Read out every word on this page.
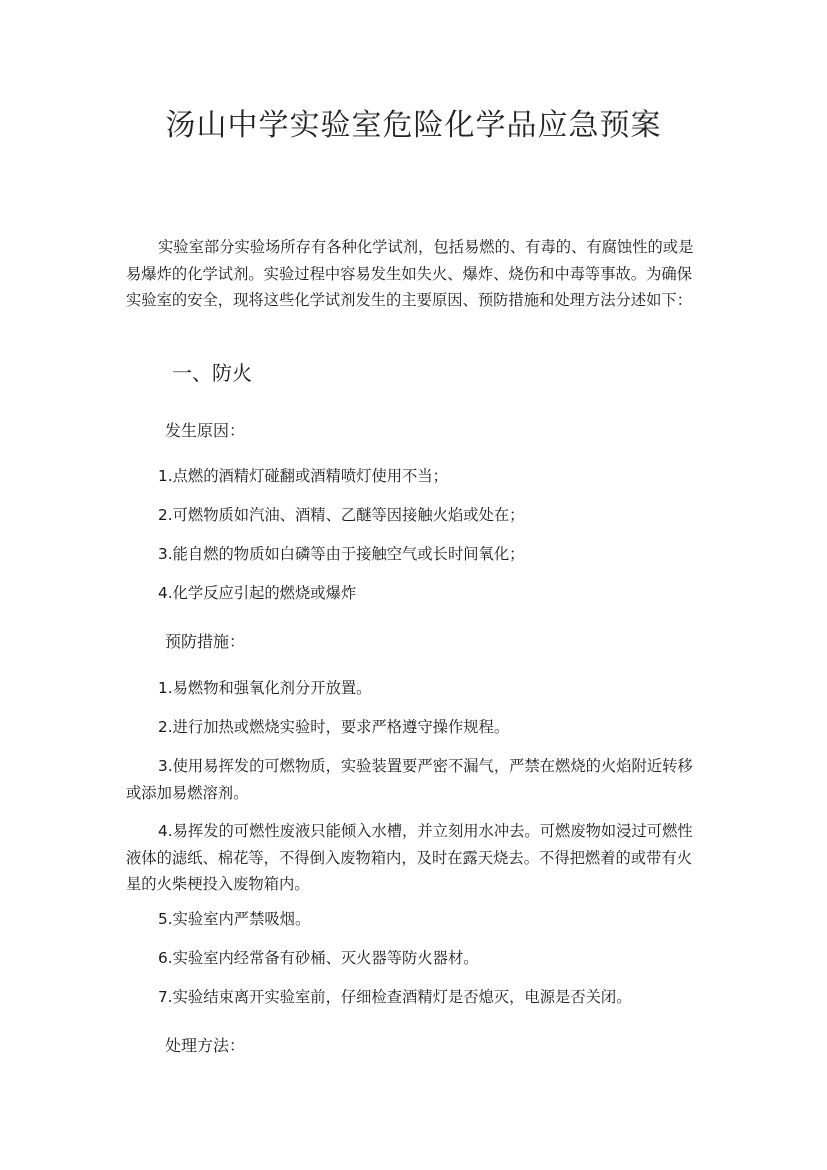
汤山中学实验室危险化学品应急预案

实验室部分实验场所存有各种化学试剂，包括易燃的、有毒的、有腐蚀性的或是易爆炸的化学试剂。实验过程中容易发生如失火、爆炸、烧伤和中毒等事故。为确保实验室的安全，现将这些化学试剂发生的主要原因、预防措施和处理方法分述如下：

一、防火
发生原因：

1.点燃的酒精灯碰翻或酒精喷灯使用不当；

2.可燃物质如汽油、酒精、乙醚等因接触火焰或处在；

3.能自燃的物质如白磷等由于接触空气或长时间氧化；

4.化学反应引起的燃烧或爆炸

预防措施：

1.易燃物和强氧化剂分开放置。

2.进行加热或燃烧实验时，要求严格遵守操作规程。

3.使用易挥发的可燃物质，实验装置要严密不漏气，严禁在燃烧的火焰附近转移或添加易燃溶剂。

4.易挥发的可燃性废液只能倾入水槽，并立刻用水冲去。可燃废物如浸过可燃性液体的滤纸、棉花等，不得倒入废物箱内，及时在露天烧去。不得把燃着的或带有火星的火柴梗投入废物箱内。

5.实验室内严禁吸烟。

6.实验室内经常备有砂桶、灭火器等防火器材。

7.实验结束离开实验室前，仔细检查酒精灯是否熄灭，电源是否关闭。

处理方法：
